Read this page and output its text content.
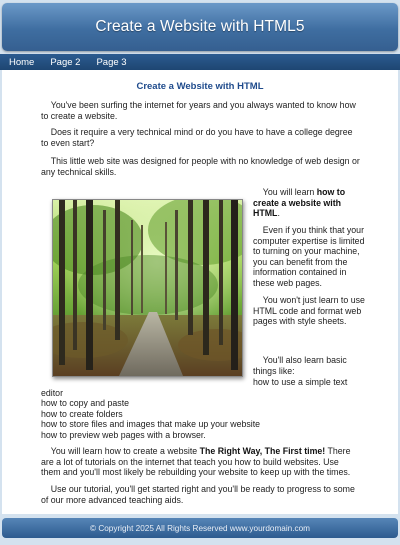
Create a Website with HTML5
Home	Page 2	Page 3
Create a Website with HTML

You've been surfing the internet for years and you always wanted to know how to create a website.

Does it require a very technical mind or do you have to have a college degree to even start?

This little web site was designed for people with no knowledge of web design or any technical skills.

You will learn how to create a website with HTML.

Even if you think that your computer expertise is limited to turning on your machine, you can benefit from the information contained in these web pages.

You won't just learn to use HTML code and format web pages with style sheets.

You'll also learn basic things like:

how to use a simple text

editor

how to copy and paste

how to create folders

how to store files and images that make up your website

how to preview web pages with a browser.

You will learn how to create a website The Right Way, The First time! There are a lot of tutorials on the internet that teach you how to build websites. Use them and you'll most likely be rebuilding your website to keep up with the times.

Use our tutorial, you'll get started right and you'll be ready to progress to some of our more advanced teaching aids.

© Copyright 2025 All Rights Reserved www.yourdomain.com
